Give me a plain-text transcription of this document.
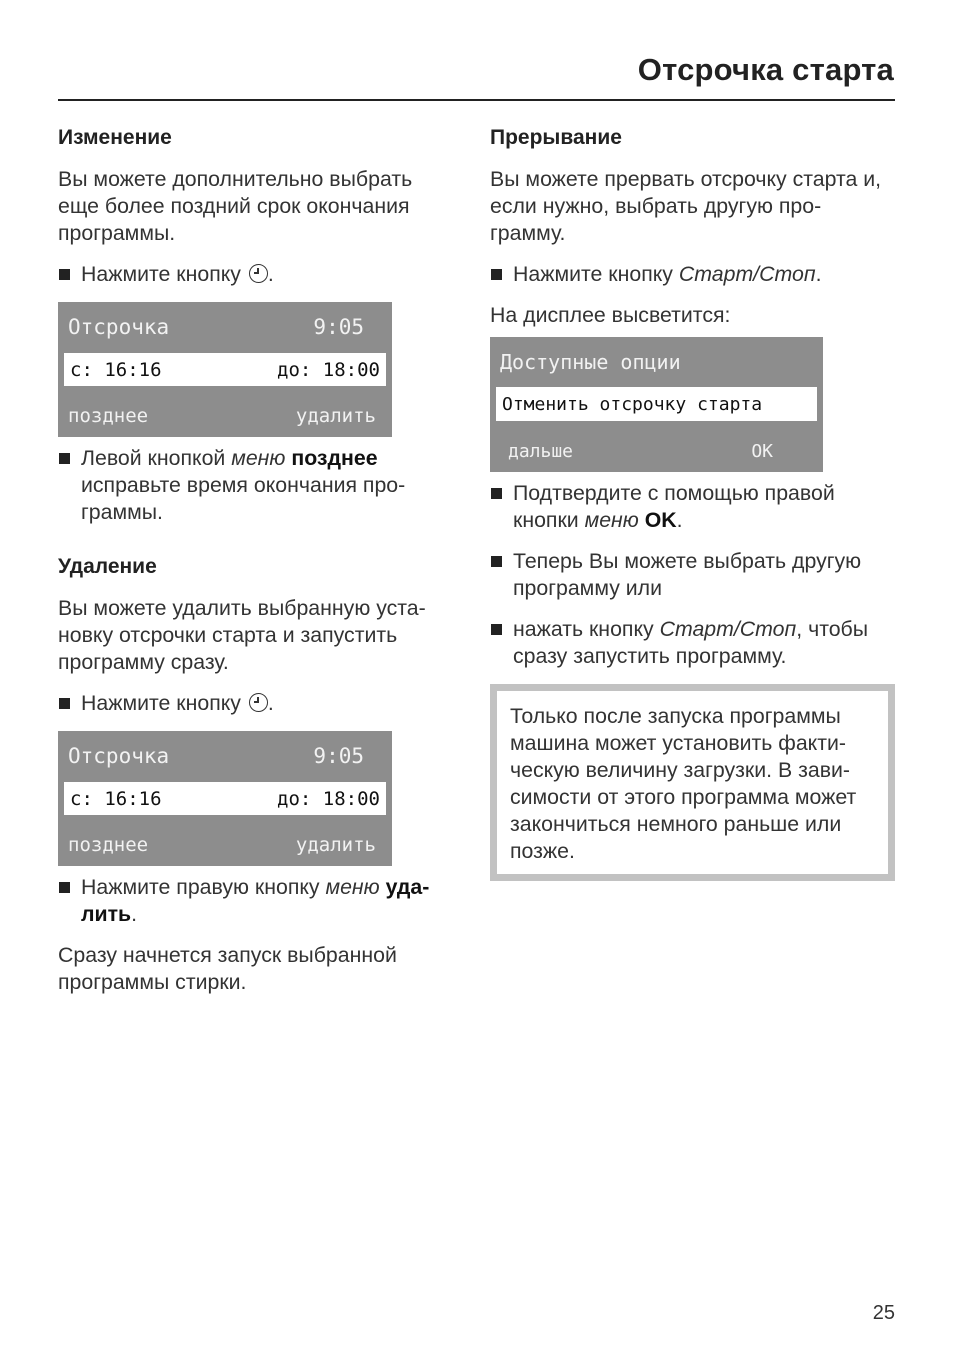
Отсрочка старта
Изменение

Вы можете дополнительно выбрать еще более поздний срок окончания программы.

Нажмите кнопку .
Отсрочка	9:05
с: 16:16	до: 18:00
позднее	удалить
Левой кнопкой меню позднее исправьте время окончания про-граммы.
Удаление

Вы можете удалить выбранную уста-новку отсрочки старта и запустить программу сразу.

Нажмите кнопку .
Отсрочка	9:05
с: 16:16	до: 18:00
позднее	удалить
Нажмите правую кнопку меню уда-лить.

Сразу начнется запуск выбранной программы стирки.

Прерывание

Вы можете прервать отсрочку старта и, если нужно, выбрать другую про-грамму.

Нажмите кнопку Старт/Стоп.

На дисплее высветится:

Доступные опции
Отменить отсрочку старта
дальше	OK
Подтвердите с помощью правой кнопки меню OK.
Теперь Вы можете выбрать другую программу или
нажать кнопку Старт/Стоп, чтобы сразу запустить программу.
Только после запуска программы машина может установить факти-ческую величину загрузки. В зави-симости от этого программа может закончиться немного раньше или позже.
25
